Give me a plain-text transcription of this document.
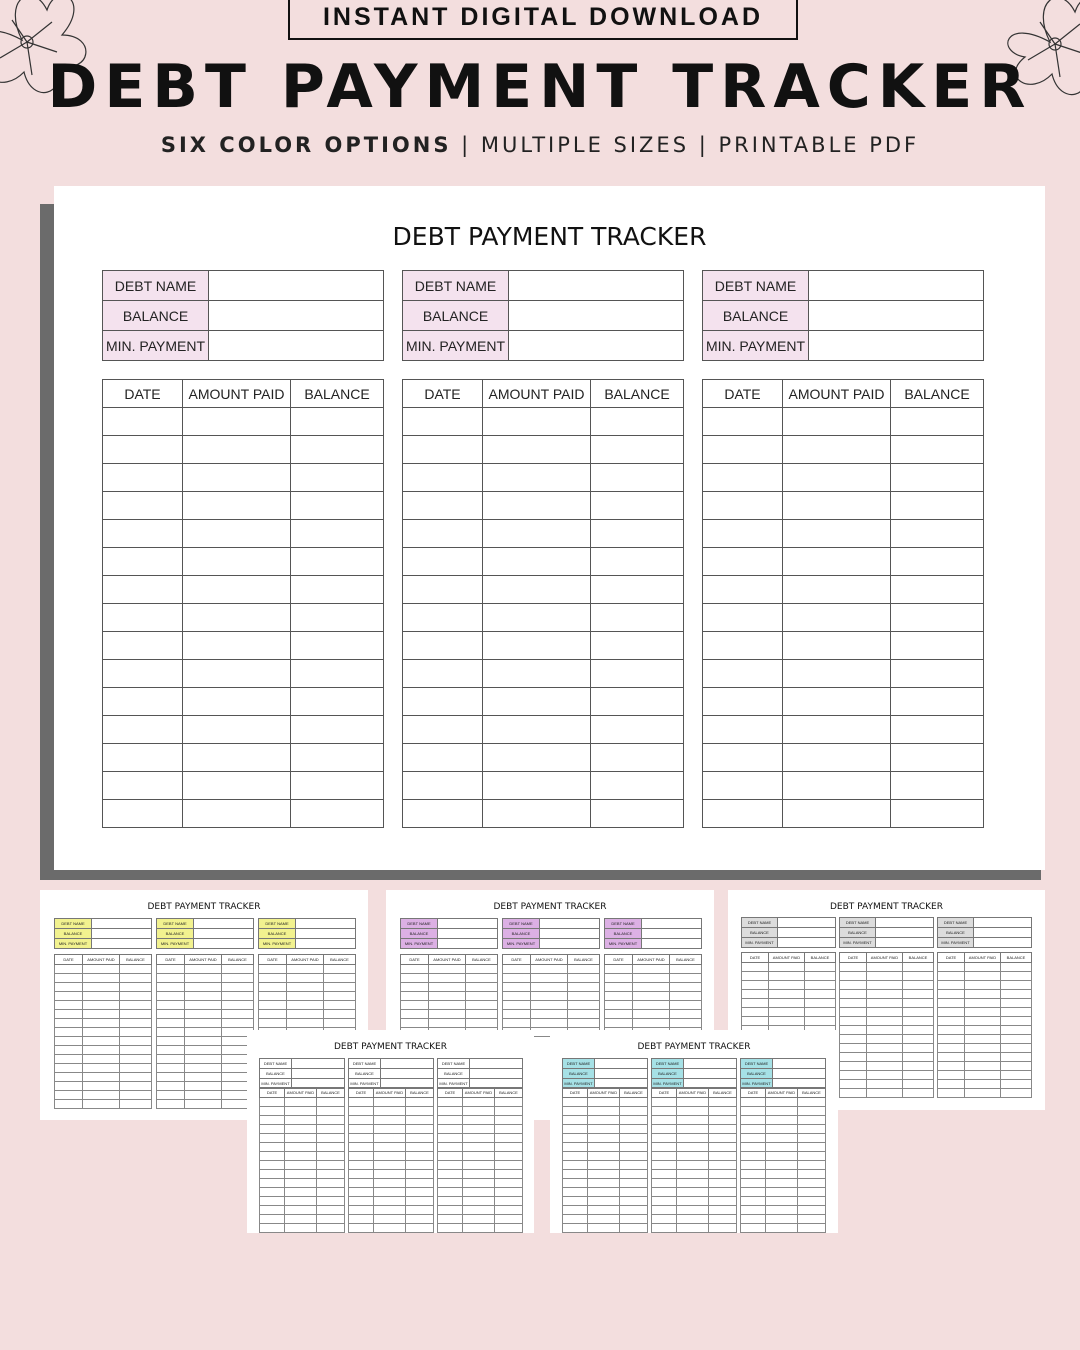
INSTANT DIGITAL DOWNLOAD
DEBT PAYMENT TRACKER
SIX COLOR OPTIONS | MULTIPLE SIZES | PRINTABLE PDF
DEBT PAYMENT TRACKER
DEBT NAME	
BALANCE	
MIN. PAYMENT	
DATE	AMOUNT PAID	BALANCE

DEBT NAME	
BALANCE	
MIN. PAYMENT	
DATE	AMOUNT PAID	BALANCE

DEBT NAME	
BALANCE	
MIN. PAYMENT	
DATE	AMOUNT PAID	BALANCE

DEBT PAYMENT TRACKER
DEBT NAME	
BALANCE	
MIN. PAYMENT	
DATE	AMOUNT PAID	BALANCE

DEBT NAME	
BALANCE	
MIN. PAYMENT	
DATE	AMOUNT PAID	BALANCE

DEBT NAME	
BALANCE	
MIN. PAYMENT	
DATE	AMOUNT PAID	BALANCE

DEBT PAYMENT TRACKER
DEBT NAME	
BALANCE	
MIN. PAYMENT	
DATE	AMOUNT PAID	BALANCE

DEBT NAME	
BALANCE	
MIN. PAYMENT	
DATE	AMOUNT PAID	BALANCE

DEBT NAME	
BALANCE	
MIN. PAYMENT	
DATE	AMOUNT PAID	BALANCE

DEBT PAYMENT TRACKER
DEBT NAME	
BALANCE	
MIN. PAYMENT	
DATE	AMOUNT PAID	BALANCE

DEBT NAME	
BALANCE	
MIN. PAYMENT	
DATE	AMOUNT PAID	BALANCE

DEBT NAME	
BALANCE	
MIN. PAYMENT	
DATE	AMOUNT PAID	BALANCE

DEBT PAYMENT TRACKER
DEBT NAME	
BALANCE	
MIN. PAYMENT	
DATE	AMOUNT PAID	BALANCE

DEBT NAME	
BALANCE	
MIN. PAYMENT	
DATE	AMOUNT PAID	BALANCE

DEBT NAME	
BALANCE	
MIN. PAYMENT	
DATE	AMOUNT PAID	BALANCE

DEBT PAYMENT TRACKER
DEBT NAME	
BALANCE	
MIN. PAYMENT	
DATE	AMOUNT PAID	BALANCE

DEBT NAME	
BALANCE	
MIN. PAYMENT	
DATE	AMOUNT PAID	BALANCE

DEBT NAME	
BALANCE	
MIN. PAYMENT	
DATE	AMOUNT PAID	BALANCE
